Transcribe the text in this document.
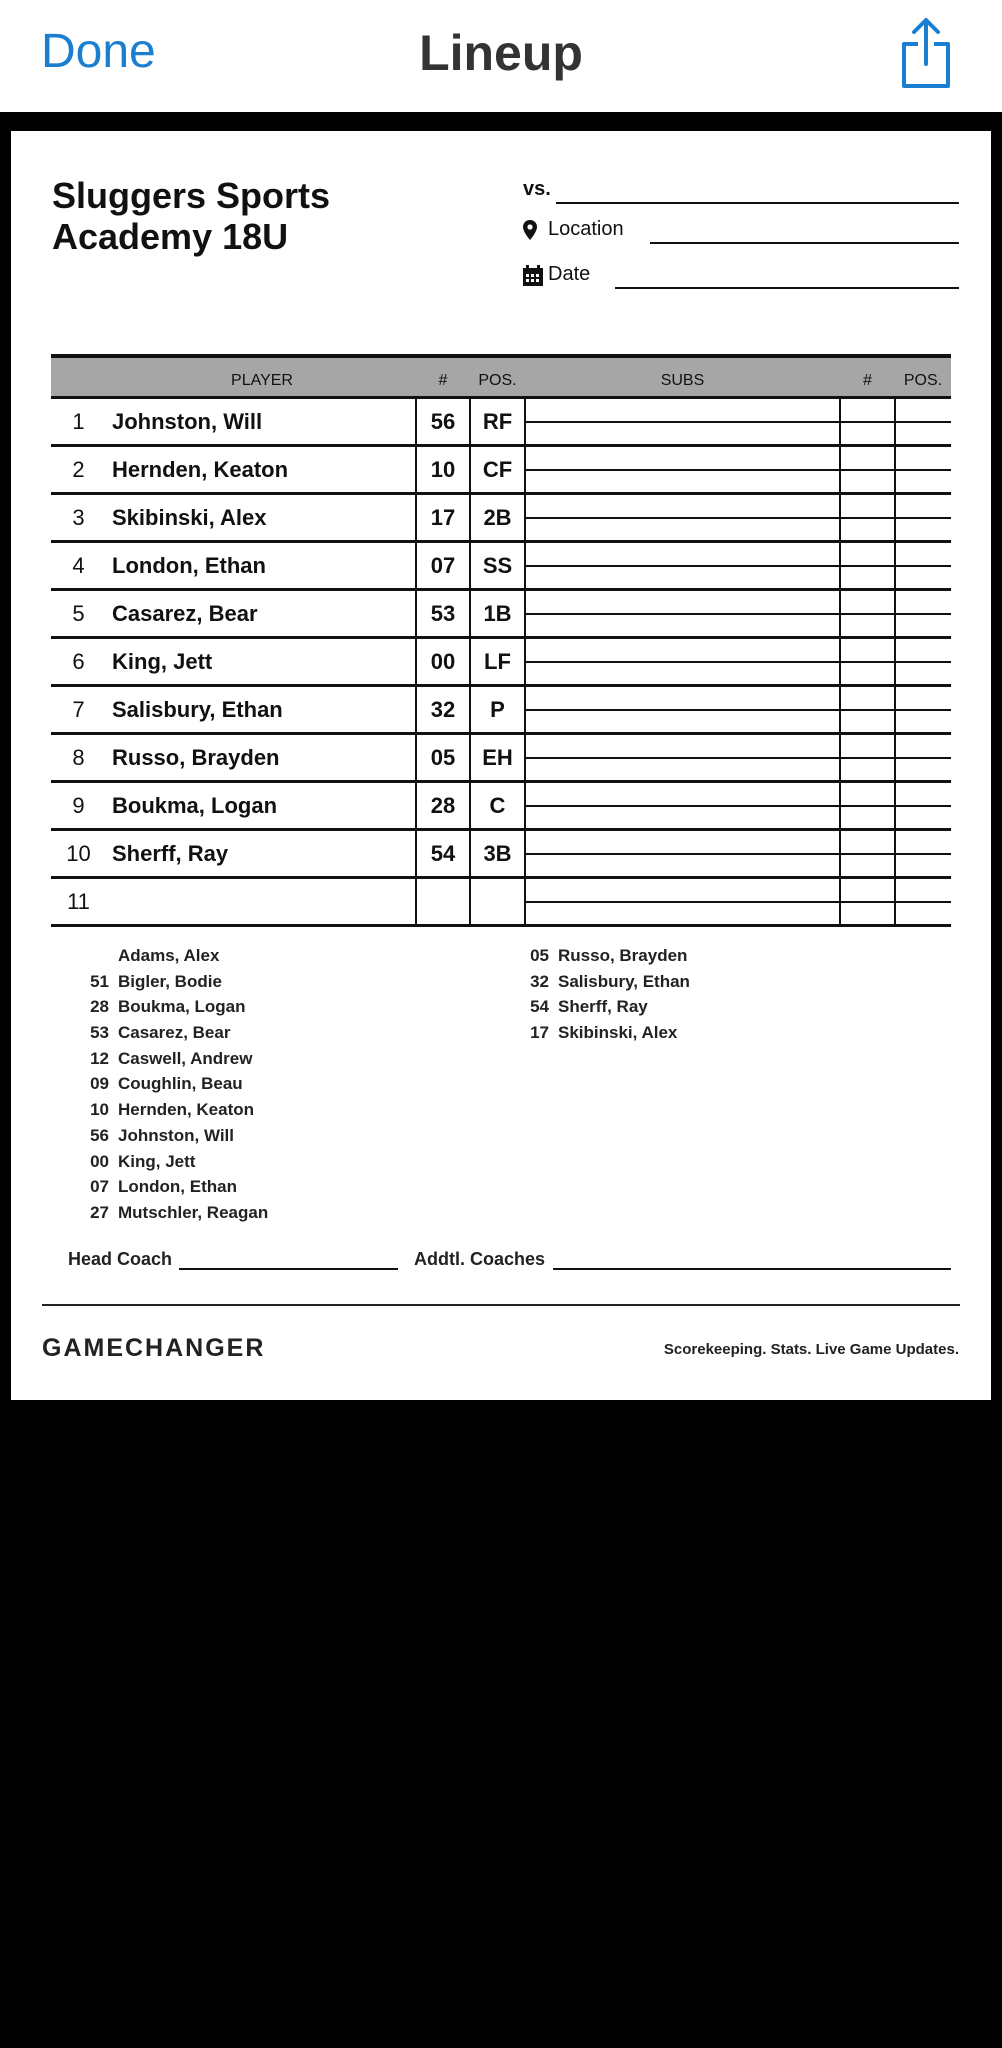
Done	Lineup
Sluggers Sports Academy 18U
vs.
Location
Date
PLAYER	#	POS.	SUBS	#	POS.
1	Johnston, Will	56	RF
2	Hernden, Keaton	10	CF
3	Skibinski, Alex	17	2B
4	London, Ethan	07	SS
5	Casarez, Bear	53	1B
6	King, Jett	00	LF
7	Salisbury, Ethan	32	P
8	Russo, Brayden	05	EH
9	Boukma, Logan	28	C
10 Sherff, Ray	54	3B
11
Adams, Alex
51 Bigler, Bodie
28 Boukma, Logan
53 Casarez, Bear
12 Caswell, Andrew
09 Coughlin, Beau
10 Hernden, Keaton
56 Johnston, Will
00 King, Jett
07 London, Ethan
27 Mutschler, Reagan
05 Russo, Brayden
32 Salisbury, Ethan
54 Sherff, Ray
17 Skibinski, Alex
Head Coach	Addtl. Coaches
GAMECHANGER	Scorekeeping. Stats. Live Game Updates.
